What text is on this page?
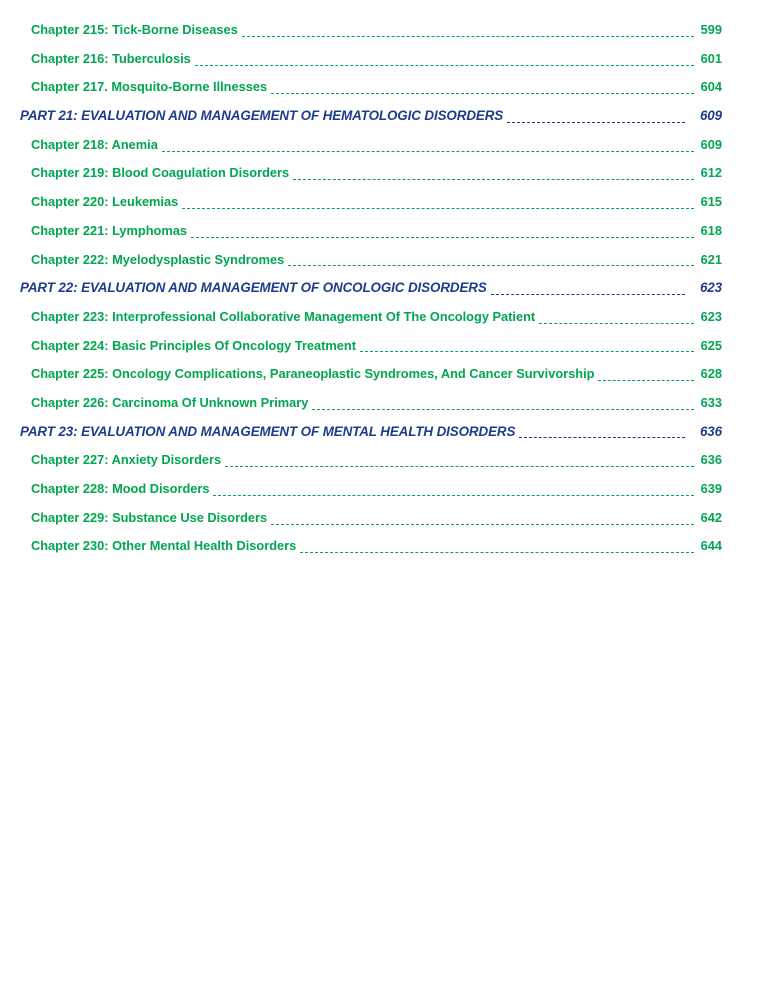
Chapter 215: Tick-Borne Diseases	599
Chapter 216: Tuberculosis	601
Chapter 217. Mosquito-Borne Illnesses	604
PART 21: EVALUATION AND MANAGEMENT OF HEMATOLOGIC DISORDERS	609
Chapter 218: Anemia	609
Chapter 219: Blood Coagulation Disorders	612
Chapter 220: Leukemias	615
Chapter 221: Lymphomas	618
Chapter 222: Myelodysplastic Syndromes	621
PART 22: EVALUATION AND MANAGEMENT OF ONCOLOGIC DISORDERS	623
Chapter 223: Interprofessional Collaborative Management Of The Oncology Patient	623
Chapter 224: Basic Principles Of Oncology Treatment	625
Chapter 225: Oncology Complications, Paraneoplastic Syndromes, And Cancer Survivorship	628
Chapter 226: Carcinoma Of Unknown Primary	633
PART 23: EVALUATION AND MANAGEMENT OF MENTAL HEALTH DISORDERS	636
Chapter 227: Anxiety Disorders	636
Chapter 228: Mood Disorders	639
Chapter 229: Substance Use Disorders	642
Chapter 230: Other Mental Health Disorders	644
